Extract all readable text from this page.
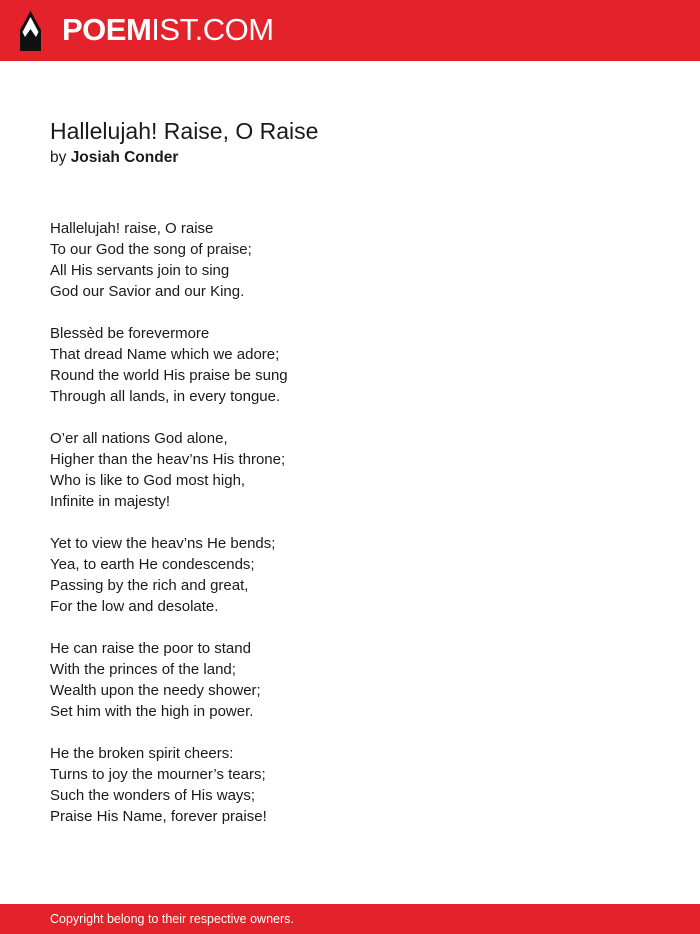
POEMIST.COM
Hallelujah! Raise, O Raise
by Josiah Conder
Hallelujah! raise, O raise
To our God the song of praise;
All His servants join to sing
God our Savior and our King.
Blessèd be forevermore
That dread Name which we adore;
Round the world His praise be sung
Through all lands, in every tongue.
O’er all nations God alone,
Higher than the heav’ns His throne;
Who is like to God most high,
Infinite in majesty!
Yet to view the heav’ns He bends;
Yea, to earth He condescends;
Passing by the rich and great,
For the low and desolate.
He can raise the poor to stand
With the princes of the land;
Wealth upon the needy shower;
Set him with the high in power.
He the broken spirit cheers:
Turns to joy the mourner’s tears;
Such the wonders of His ways;
Praise His Name, forever praise!
Copyright belong to their respective owners.
